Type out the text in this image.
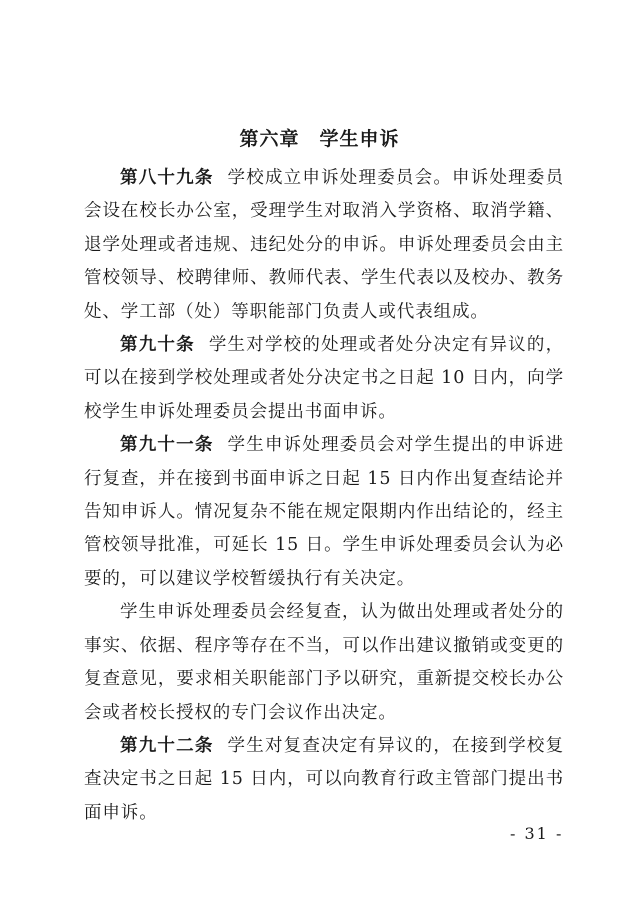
第六章　学生申诉

第八十九条 学校成立申诉处理委员会。申诉处理委员会设在校长办公室，受理学生对取消入学资格、取消学籍、退学处理或者违规、违纪处分的申诉。申诉处理委员会由主管校领导、校聘律师、教师代表、学生代表以及校办、教务处、学工部（处）等职能部门负责人或代表组成。

第九十条 学生对学校的处理或者处分决定有异议的，可以在接到学校处理或者处分决定书之日起 10 日内，向学校学生申诉处理委员会提出书面申诉。

第九十一条 学生申诉处理委员会对学生提出的申诉进行复查，并在接到书面申诉之日起 15 日内作出复查结论并告知申诉人。情况复杂不能在规定限期内作出结论的，经主管校领导批准，可延长 15 日。学生申诉处理委员会认为必要的，可以建议学校暂缓执行有关决定。

学生申诉处理委员会经复查，认为做出处理或者处分的事实、依据、程序等存在不当，可以作出建议撤销或变更的复查意见，要求相关职能部门予以研究，重新提交校长办公会或者校长授权的专门会议作出决定。

第九十二条 学生对复查决定有异议的，在接到学校复查决定书之日起 15 日内，可以向教育行政主管部门提出书面申诉。

- 31 -
